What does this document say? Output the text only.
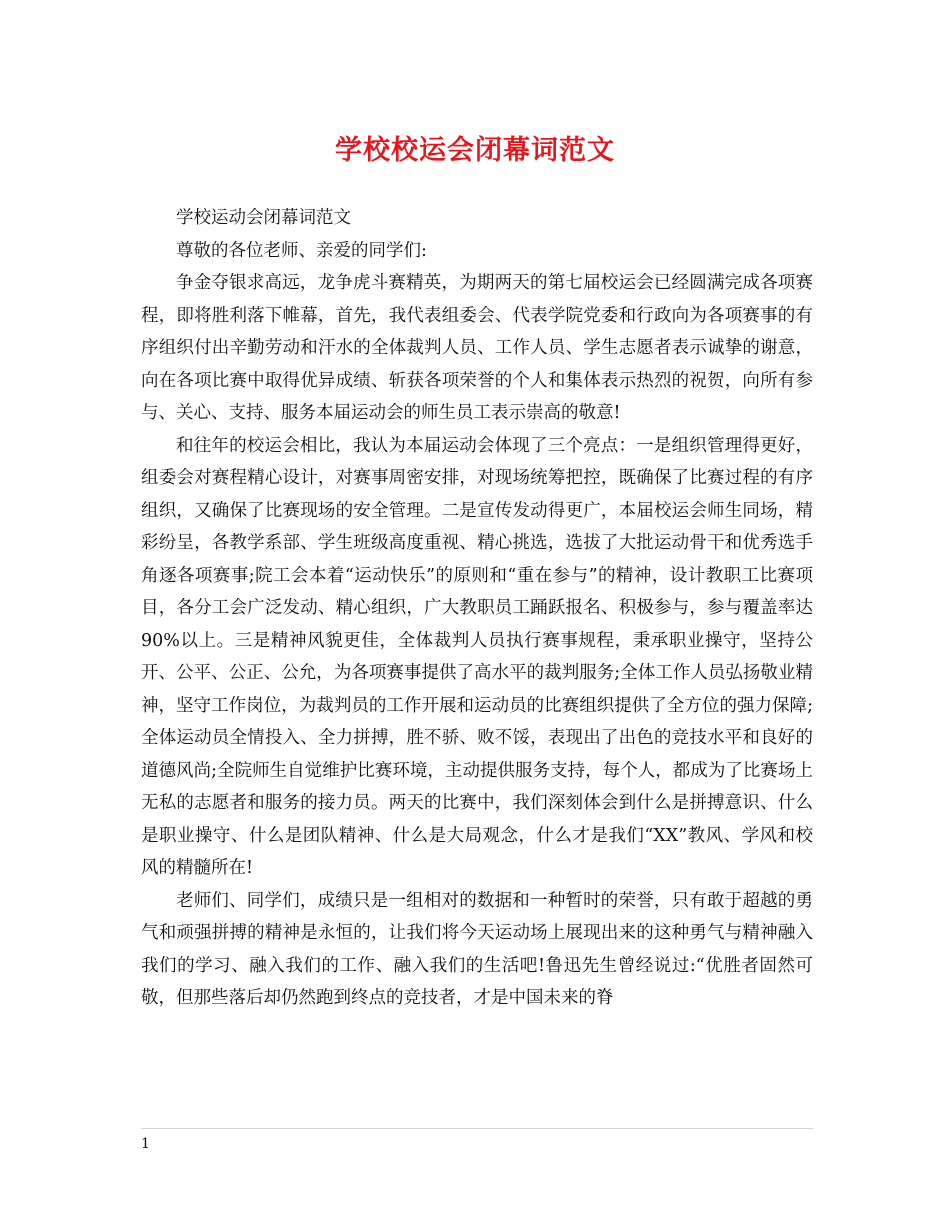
学校校运会闭幕词范文

学校运动会闭幕词范文

尊敬的各位老师、亲爱的同学们:

争金夺银求高远，龙争虎斗赛精英，为期两天的第七届校运会已经圆满完成各项赛程，即将胜利落下帷幕，首先，我代表组委会、代表学院党委和行政向为各项赛事的有序组织付出辛勤劳动和汗水的全体裁判人员、工作人员、学生志愿者表示诚挚的谢意，向在各项比赛中取得优异成绩、斩获各项荣誉的个人和集体表示热烈的祝贺，向所有参与、关心、支持、服务本届运动会的师生员工表示崇高的敬意!

和往年的校运会相比，我认为本届运动会体现了三个亮点：一是组织管理得更好，组委会对赛程精心设计，对赛事周密安排，对现场统筹把控，既确保了比赛过程的有序组织，又确保了比赛现场的安全管理。二是宣传发动得更广，本届校运会师生同场，精彩纷呈，各教学系部、学生班级高度重视、精心挑选，选拔了大批运动骨干和优秀选手角逐各项赛事;院工会本着“运动快乐”的原则和“重在参与”的精神，设计教职工比赛项目，各分工会广泛发动、精心组织，广大教职员工踊跃报名、积极参与，参与覆盖率达90%以上。三是精神风貌更佳，全体裁判人员执行赛事规程，秉承职业操守，坚持公开、公平、公正、公允，为各项赛事提供了高水平的裁判服务;全体工作人员弘扬敬业精神，坚守工作岗位，为裁判员的工作开展和运动员的比赛组织提供了全方位的强力保障;全体运动员全情投入、全力拼搏，胜不骄、败不馁，表现出了出色的竞技水平和良好的道德风尚;全院师生自觉维护比赛环境，主动提供服务支持，每个人，都成为了比赛场上无私的志愿者和服务的接力员。两天的比赛中，我们深刻体会到什么是拼搏意识、什么是职业操守、什么是团队精神、什么是大局观念，什么才是我们“XX”教风、学风和校风的精髓所在!

老师们、同学们，成绩只是一组相对的数据和一种暂时的荣誉，只有敢于超越的勇气和顽强拼搏的精神是永恒的，让我们将今天运动场上展现出来的这种勇气与精神融入我们的学习、融入我们的工作、融入我们的生活吧!鲁迅先生曾经说过:“优胜者固然可敬，但那些落后却仍然跑到终点的竞技者，才是中国未来的脊

1
